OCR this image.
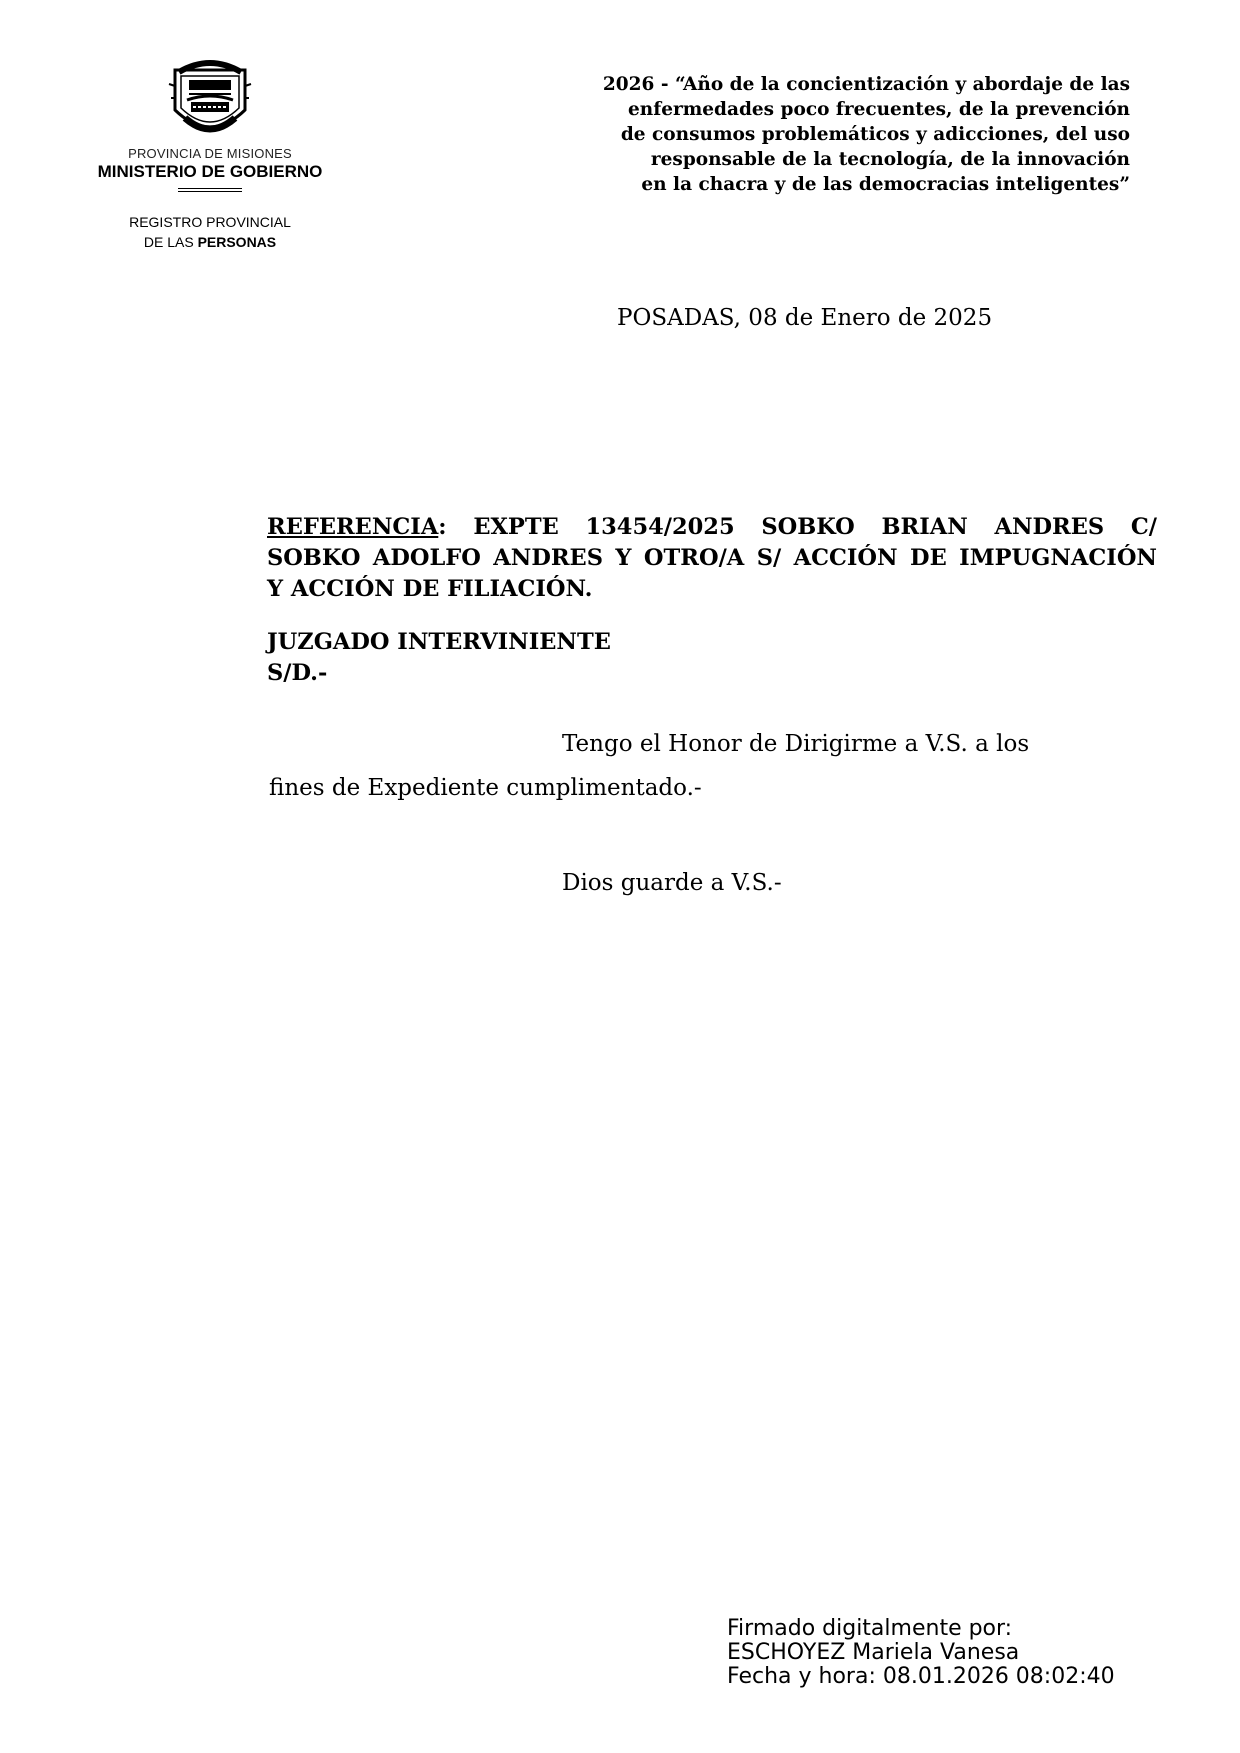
PROVINCIA DE MISIONES
MINISTERIO DE GOBIERNO
REGISTRO PROVINCIAL
DE LAS PERSONAS
2026 - “Año de la concientización y abordaje de las
enfermedades poco frecuentes, de la prevención
de consumos problemáticos y adicciones, del uso
responsable de la tecnología, de la innovación
en la chacra y de las democracias inteligentes”
POSADAS, 08 de Enero de 2025
REFERENCIA: EXPTE 13454/2025 SOBKO BRIAN ANDRES C/
SOBKO ADOLFO ANDRES Y OTRO/A S/ ACCIÓN DE IMPUGNACIÓN
Y ACCIÓN DE FILIACIÓN.
JUZGADO INTERVINIENTE
S/D.-
Tengo el Honor de Dirigirme a V.S. a los
fines de Expediente cumplimentado.-
Dios guarde a V.S.-
Firmado digitalmente por:
ESCHOYEZ Mariela Vanesa
Fecha y hora: 08.01.2026 08:02:40
